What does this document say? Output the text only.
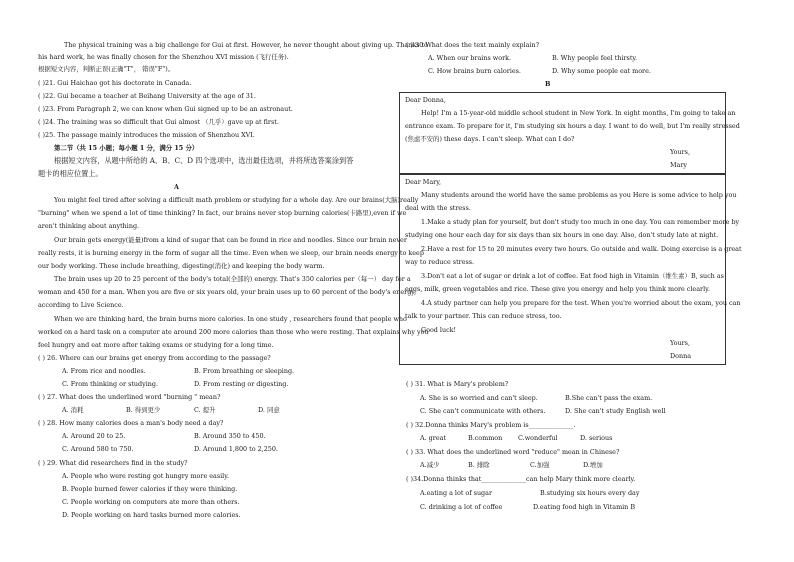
The physical training was a big challenge for Gui at first. However, he never thought about giving up. Thanks to
his hard work, he was finally chosen for the Shenzhou XVI mission (飞行任务).
根据短文内容，判断正误(正确"T"， 错误"F")。
( )21. Gui Haichao got his doctorate in Canada.
( )22. Gui became a teacher at Beihang University at the age of 31.
( )23. From Paragraph 2, we can know when Gui signed up to be an astronaut.
( )24. The training was so difficult that Gui almost （几乎）gave up at first.
( )25. The passage mainly introduces the mission of Shenzhou XVI.
第二节（共 15 小题；每小题 1 分，满分 15 分）
根据短文内容，从题中所给的 A、B、C、D 四个选项中，选出最佳选项，并将所选答案涂到答
题卡的相应位置上。
A
You might feel tired after solving a difficult math problem or studying for a whole day. Are our brains(大脑)really
"burning" when we spend a lot of time thinking? In fact, our brains never stop burning calories(卡路里),even if we
aren't thinking about anything.
Our brain gets energy(能量)from a kind of sugar that can be found in rice and noodles. Since our brain never
really rests, it is burning energy in the form of sugar all the time. Even when we sleep, our brain needs energy to keep
our body working. These include breathing, digesting(消化) and keeping the body warm.
The brain uses up 20 to 25 percent of the body's total(全部的) energy. That's 350 calories per（每一） day for a
woman and 450 for a man. When you are five or six years old, your brain uses up to 60 percent of the body's energy,
according to Live Science.
When we are thinking hard, the brain burns more calories. In one study , researchers found that people who
worked on a hard task on a computer ate around 200 more calories than those who were resting. That explains why you
feel hungry and eat more after taking exams or studying for a long time.
( ) 26. Where can our brains get energy from according to the passage?
A. From rice and noodles.	B. From breathing or sleeping.
C. From thinking or studying.	D. From resting or digesting.
( ) 27. What does the underlined word "burning " mean?
A. 消耗	B. 得到更少	C. 提升	D. 同意
( ) 28. How many calories does a man's body need a day?
A. Around 20 to 25.	B. Around 350 to 450.
C. Around 580 to 750.	D. Around 1,800 to 2,250.
( ) 29. What did researchers find in the study?
A. People who were resting got hungry more easily.
B. People burned fewer calories if they were thinking.
C. People working on computers ate more than others.
D. People working on hard tasks burned more calories.
( ) 30 What does the text mainly explain?
A. When our brains work.	B. Why people feel thirsty.
C. How brains burn calories.	D. Why some people eat more.
B
Dear Donna,
Help! I'm a 15-year-old middle school student in New York. In eight months, I'm going to take an
entrance exam. To prepare for it, I'm studying six hours a day. I want to do well, but I'm really stressed
(焦虑不安的) these days. I can't sleep. What can I do?
Yours,
Mary
Dear Mary,
Many students around the world have the same problems as you Here is some advice to help you
deal with the stress.
1.Make a study plan for yourself, but don't study too much in one day. You can remember more by
studying one hour each day for six days than six hours in one day. Also, don't study late at night.
2.Have a rest for 15 to 20 minutes every two hours. Go outside and walk. Doing exercise is a great
way to reduce stress.
3.Don't eat a lot of sugar or drink a lot of coffee. Eat food high in Vitamin（维生素）B, such as
eggs, milk, green vegetables and rice. These give you energy and help you think more clearly.
4.A study partner can help you prepare for the test. When you're worried about the exam, you can
talk to your partner. This can reduce stress, too.
Good luck!
Yours,
Donna
( ) 31. What is Mary's problem?
A. She is so worried and can't sleep.	B.She can't pass the exam.
C. She can't communicate with others.	D. She can't study English well
( ) 32.Donna thinks Mary's problem is______________.
A. great	B.common C.wonderful	D. serious
( ) 33. What does the underlined word "reduce" mean in Chinese?
A.减少	B. 排除	C.加强	D.增加
( )34.Donna thinks that______________can help Mary think more clearly.
A.eating a lot of sugar	B.studying six hours every day
C. drinking a lot of coffee	D.eating food high in Vitamin B
